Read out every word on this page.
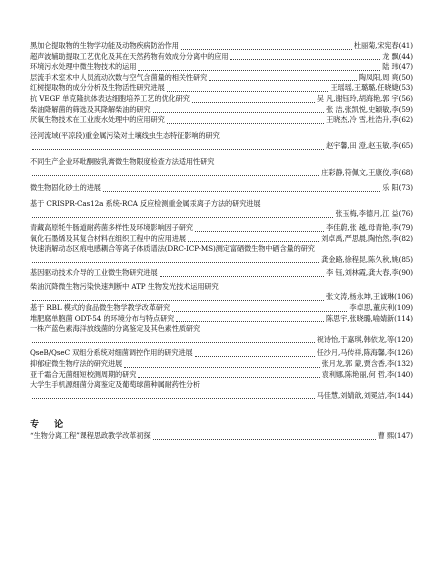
黑加仑提取物的生物学功能及动物疾病防治作用	杜丽菊,宋宪春(41)
超声波辅助提取工艺优化及其在天然药物有效成分分离中的应用	龙 飘(44)
环境污水处理中微生物技术的运用	陆 玮(47)
层流手术室术中人员流动次数与空气含菌量的相关性研究	陶凤阳,周 爽(50)
红树提取物的成分分析及生物活性研究进展	王瑶瑶,王璐璐,任晓婕(53)
抗 VEGF 单克隆抗体表达细胞培养工艺的优化研究	吴 凡,谢钰玲,胡海艳,郭 宇(56)
柴油降解菌的筛选及其降解柴油的研究	张 洁,张凯悦,史颖敏,李(59)
厌氧生物技术在工业废水处理中的应用研究	王晓杰,冷 雪,杜浩升,李(62)
泾河流域(平凉段)重金属污染对土壤线虫生态特征影响的研究
赵宇馨,田 澄,赵玉敏,李(65)
不同生产企业环吡酮胺乳膏微生物限度检查方法适用性研究
庄彩静,符佩文,王康佼,李(68)
微生物固化砂土的进展	乐 阳(73)
基于 CRISPR-Cas12a 系统-RCA 反应检测重金属汞离子方法的研究进展
张玉梅,李德月,江 益(76)
青藏高原牦牛肠道耐药菌多样性及环境影响因子研究	李佳蔚,张 越,母青艳,李(79)
氧化石墨烯及其复合材料在组织工程中的应用进展	刘卓禹,严思晨,陶怡然,李(82)
快速消解动态区痕电感耦合等离子体质谱法(DRC-ICP-MS)测定富硒微生物中硒含量的研究
龚金路,徐程昆,陈久秋,姚(85)
基因驱动技术介导的工业微生物研究进展	李 钰,刘林霞,龚大春,李(90)
柴油沉降微生物污染快速判断中 ATP 生物发光技术运用研究
张文涛,杨永坤,王诚琳(106)
基于 RBL 模式的食品微生物学教学改革研究	李卓思,董庆利(109)
堆肥腐单胞菌 ODT-54 的环境分布与特点研究	陈思宇,张晓璐,喻婧新(114)
一株产蓝色素海洋放线菌的分离鉴定及其色素性质研究
祝诗怡,于嘉琪,韩依龙,等(120)
QseB/QseC 双组分系统对细菌调控作用的研究进展	任沙月,马传祥,陈海馨,李(126)
抑郁症微生物疗法的研究进展	张月龙,郭 蒙,贾含香,李(132)
亚千霜合无菌细短校测周期的研究	袁利娜,陈艳丽,何 哲,李(140)
大学生手机源细菌分离鉴定及葡萄球菌种属耐药性分析
马佳慧,刘婧歆,刘冕洁,李(144)
专 论
“生物分离工程”课程思政教学改革初探	曹 熙(147)
